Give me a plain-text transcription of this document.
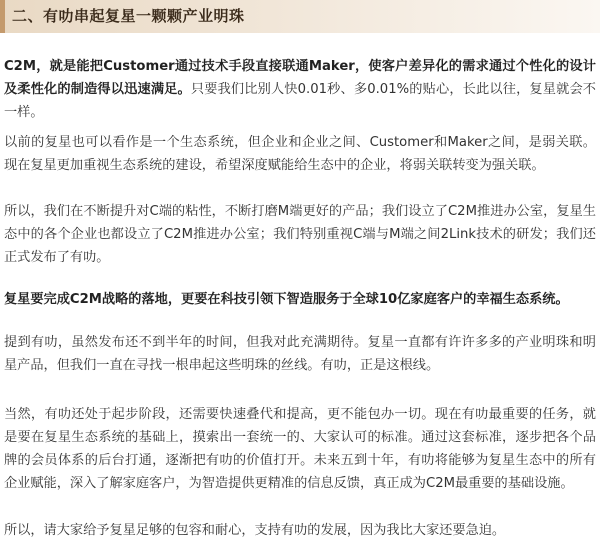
二、有叻串起复星一颗颗产业明珠
C2M，就是能把Customer通过技术手段直接联通Maker，使客户差异化的需求通过个性化的设计及柔性化的制造得以迅速满足。只要我们比别人快0.01秒、多0.01%的贴心，长此以往，复星就会不一样。
以前的复星也可以看作是一个生态系统，但企业和企业之间、Customer和Maker之间，是弱关联。现在复星更加重视生态系统的建设，希望深度赋能给生态中的企业，将弱关联转变为强关联。
所以，我们在不断提升对C端的粘性，不断打磨M端更好的产品；我们设立了C2M推进办公室，复星生态中的各个企业也都设立了C2M推进办公室；我们特别重视C端与M端之间2Link技术的研发；我们还正式发布了有叻。
复星要完成C2M战略的落地，更要在科技引领下智造服务于全球10亿家庭客户的幸福生态系统。
提到有叻，虽然发布还不到半年的时间，但我对此充满期待。复星一直都有许许多多的产业明珠和明星产品，但我们一直在寻找一根串起这些明珠的丝线。有叻，正是这根线。
当然，有叻还处于起步阶段，还需要快速叠代和提高，更不能包办一切。现在有叻最重要的任务，就是要在复星生态系统的基础上，摸索出一套统一的、大家认可的标准。通过这套标准，逐步把各个品牌的会员体系的后台打通，逐渐把有叻的价值打开。未来五到十年，有叻将能够为复星生态中的所有企业赋能，深入了解家庭客户，为智造提供更精准的信息反馈，真正成为C2M最重要的基础设施。
所以，请大家给予复星足够的包容和耐心，支持有叻的发展，因为我比大家还要急迫。
